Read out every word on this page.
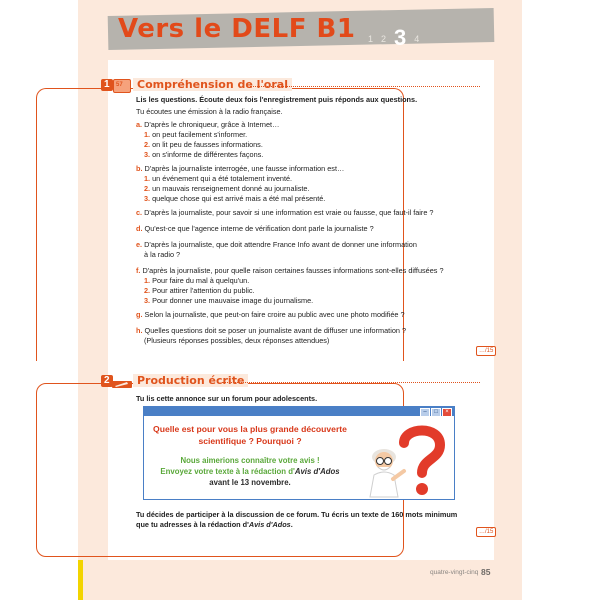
Vers le DELF B1 123 4
1	57	Compréhension de l'oral
Lis les questions. Écoute deux fois l'enregistrement puis réponds aux questions.
Tu écoutes une émission à la radio française.
a. D'après le chroniqueur, grâce à Internet…
1. on peut facilement s'informer.
2. on lit peu de fausses informations.
3. on s'informe de différentes façons.
b. D'après la journaliste interrogée, une fausse information est…
1. un événement qui a été totalement inventé.
2. un mauvais renseignement donné au journaliste.
3. quelque chose qui est arrivé mais a été mal présenté.
c. D'après la journaliste, pour savoir si une information est vraie ou fausse, que faut-il faire ?
d. Qu'est-ce que l'agence interne de vérification dont parle la journaliste ?
e. D'après la journaliste, que doit attendre France Info avant de donner une information
à la radio ?
f. D'après la journaliste, pour quelle raison certaines fausses informations sont-elles diffusées ?
1. Pour faire du mal à quelqu'un.
2. Pour attirer l'attention du public.
3. Pour donner une mauvaise image du journalisme.
g. Selon la journaliste, que peut-on faire croire au public avec une photo modifiée ?
h. Quelles questions doit se poser un journaliste avant de diffuser une information ?
(Plusieurs réponses possibles, deux réponses attendues)
…/15
2	Production écrite
Tu lis cette annonce sur un forum pour adolescents.
–	□	×
Quelle est pour vous la plus grande découverte
scientifique ? Pourquoi ?
Nous aimerions connaître votre avis !
Envoyez votre texte à la rédaction d'Avis d'Ados
avant le 13 novembre.
Tu décides de participer à la discussion de ce forum. Tu écris un texte de 160 mots minimum
que tu adresses à la rédaction d'Avis d'Ados.
…/15
quatre-vingt-cinq 85
